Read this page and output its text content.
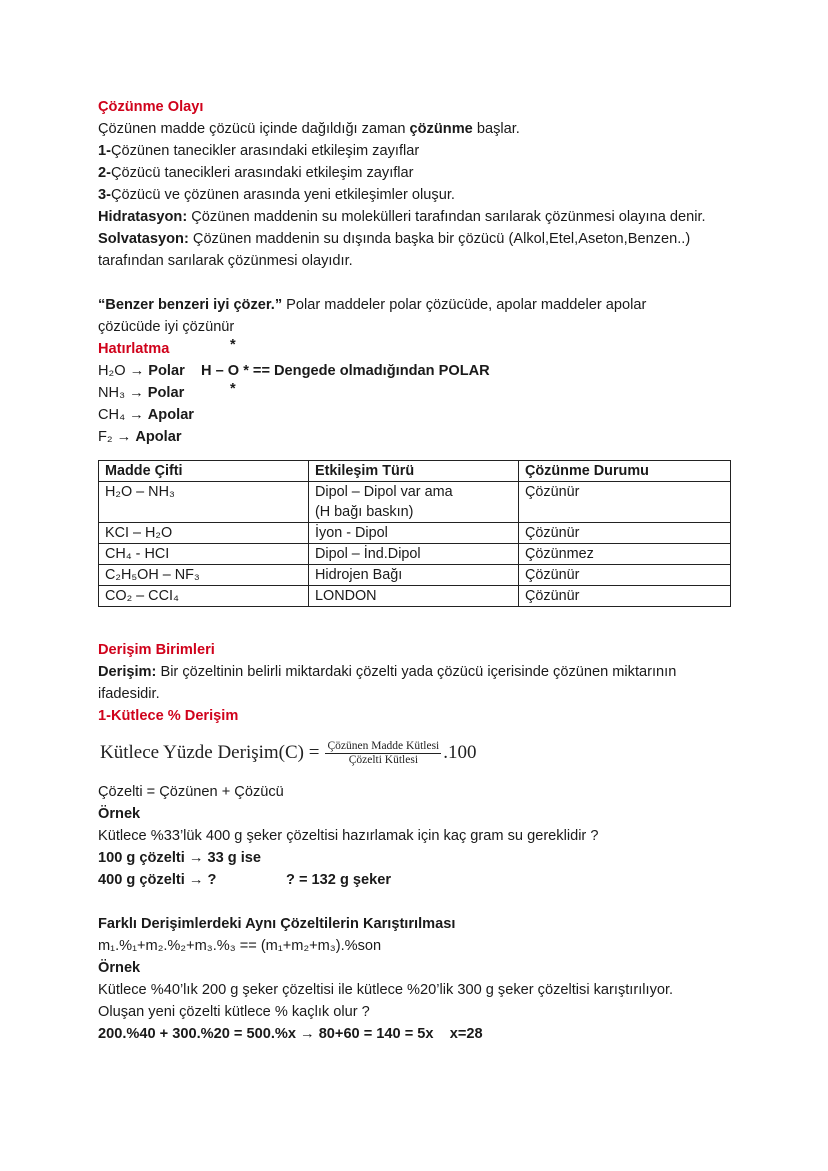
Çözünme Olayı
Çözünen madde çözücü içinde dağıldığı zaman çözünme başlar.
1-Çözünen tanecikler arasındaki etkileşim zayıflar
2-Çözücü tanecikleri arasındaki etkileşim zayıflar
3-Çözücü ve çözünen arasında yeni etkileşimler oluşur.
Hidratasyon: Çözünen maddenin su molekülleri tarafından sarılarak çözünmesi olayına denir.
Solvatasyon: Çözünen maddenin su dışında başka bir çözücü (Alkol,Etel,Aseton,Benzen..)
tarafından sarılarak çözünmesi olayıdır.
“Benzer benzeri iyi çözer.” Polar maddeler polar çözücüde, apolar maddeler apolar
çözücüde iyi çözünür
Hatırlatma	*
H₂O → Polar H – O * == Dengede olmadığından POLAR
NH₃ → Polar	*
CH₄ → Apolar
F₂ → Apolar
Madde Çifti	Etkileşim Türü	Çözünme Durumu
H₂O – NH₃	Dipol – Dipol var ama	Çözünür
	(H bağı baskın)	
KCI – H₂O	İyon - Dipol	Çözünür
CH₄ - HCI	Dipol – İnd.Dipol	Çözünmez
C₂H₅OH – NF₃	Hidrojen Bağı	Çözünür
CO₂ – CCI₄	LONDON	Çözünür
Derişim Birimleri
Derişim: Bir çözeltinin belirli miktardaki çözelti yada çözücü içerisinde çözünen miktarının
ifadesidir.
1-Kütlece % Derişim
Kütlece Yüzde Derişim(C) = $\frac{\text{Çözünen Madde Kütlesi}}{\text{Çözelti Kütlesi}} .100$
Çözelti = Çözünen + Çözücü
Örnek
Kütlece %33’lük 400 g şeker çözeltisi hazırlamak için kaç gram su gereklidir ?
100 g çözelti → 33 g ise
400 g çözelti → ?	? = 132 g şeker
Farklı Derişimlerdeki Aynı Çözeltilerin Karıştırılması
m₁.%₁+m₂.%₂+m₃.%₃ == (m₁+m₂+m₃).%son
Örnek
Kütlece %40’lık 200 g şeker çözeltisi ile kütlece %20’lik 300 g şeker çözeltisi karıştırılıyor.
Oluşan yeni çözelti kütlece % kaçlık olur ?
200.%40 + 300.%20 = 500.%x → 80+60 = 140 = 5x x=28
